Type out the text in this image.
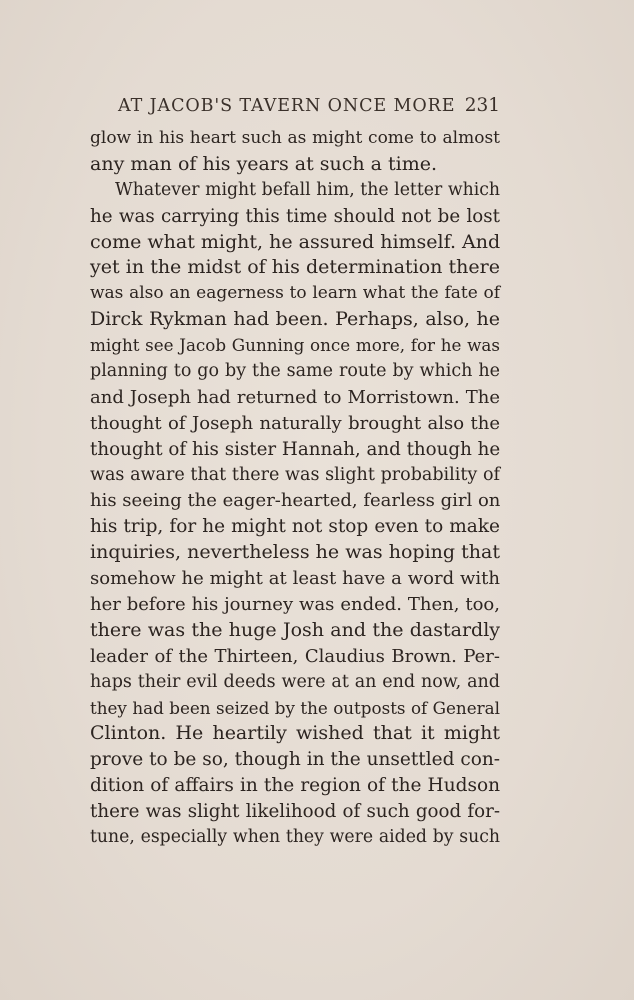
AT JACOB'S TAVERN ONCE MORE 231
glow in his heart such as might come to almost
any man of his years at such a time.
Whatever might befall him, the letter which
he was carrying this time should not be lost
come what might, he assured himself. And
yet in the midst of his determination there
was also an eagerness to learn what the fate of
Dirck Rykman had been. Perhaps, also, he
might see Jacob Gunning once more, for he was
planning to go by the same route by which he
and Joseph had returned to Morristown. The
thought of Joseph naturally brought also the
thought of his sister Hannah, and though he
was aware that there was slight probability of
his seeing the eager-hearted, fearless girl on
his trip, for he might not stop even to make
inquiries, nevertheless he was hoping that
somehow he might at least have a word with
her before his journey was ended. Then, too,
there was the huge Josh and the dastardly
leader of the Thirteen, Claudius Brown. Per-
haps their evil deeds were at an end now, and
they had been seized by the outposts of General
Clinton. He heartily wished that it might
prove to be so, though in the unsettled con-
dition of affairs in the region of the Hudson
there was slight likelihood of such good for-
tune, especially when they were aided by such
